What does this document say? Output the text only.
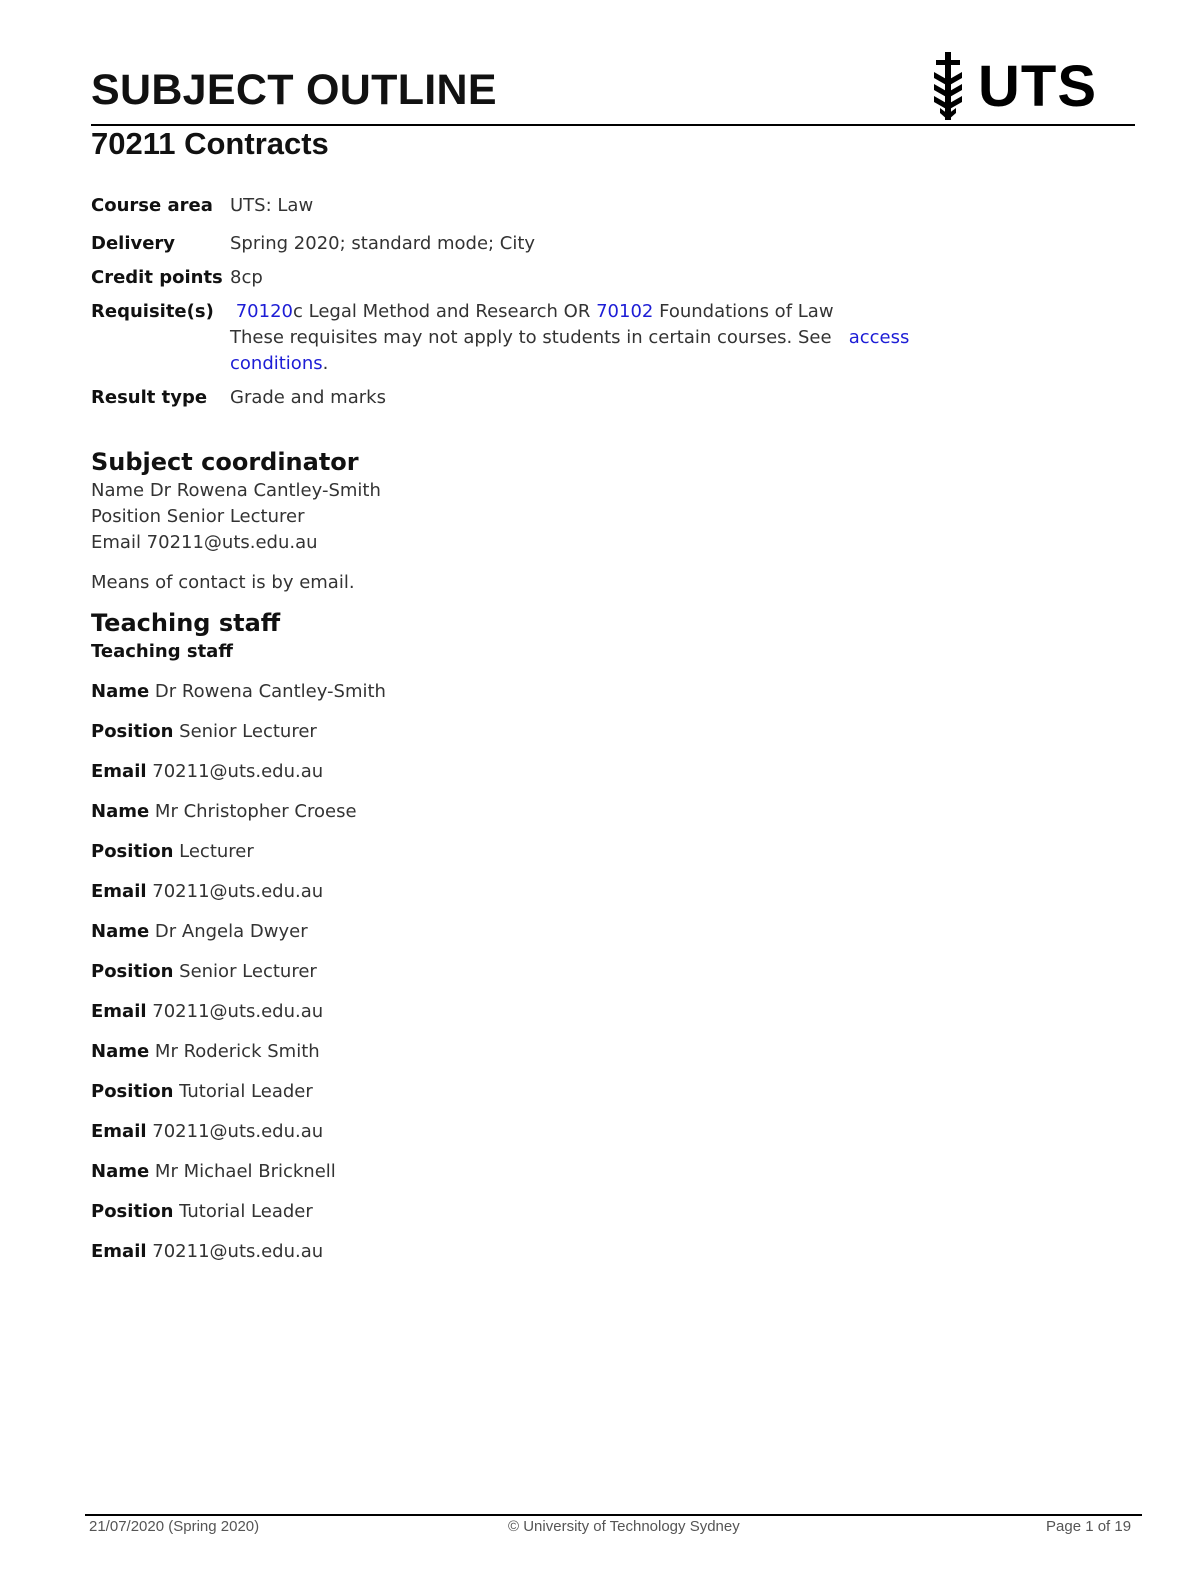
SUBJECT OUTLINE	UTS
70211 Contracts
Course area UTS: Law
Delivery	Spring 2020; standard mode; City
Credit points 8cp
Requisite(s)	70120c Legal Method and Research OR 70102 Foundations of Law
These requisites may not apply to students in certain courses. See access conditions.
Result type	Grade and marks
Subject coordinator
Name Dr Rowena Cantley-Smith
Position Senior Lecturer
Email 70211@uts.edu.au
Means of contact is by email.
Teaching staff
Teaching staff
Name Dr Rowena Cantley-Smith
Position Senior Lecturer
Email 70211@uts.edu.au
Name Mr Christopher Croese
Position Lecturer
Email 70211@uts.edu.au
Name Dr Angela Dwyer
Position Senior Lecturer
Email 70211@uts.edu.au
Name Mr Roderick Smith
Position Tutorial Leader
Email 70211@uts.edu.au
Name Mr Michael Bricknell
Position Tutorial Leader
Email 70211@uts.edu.au
21/07/2020 (Spring 2020)	© University of Technology Sydney	Page 1 of 19
